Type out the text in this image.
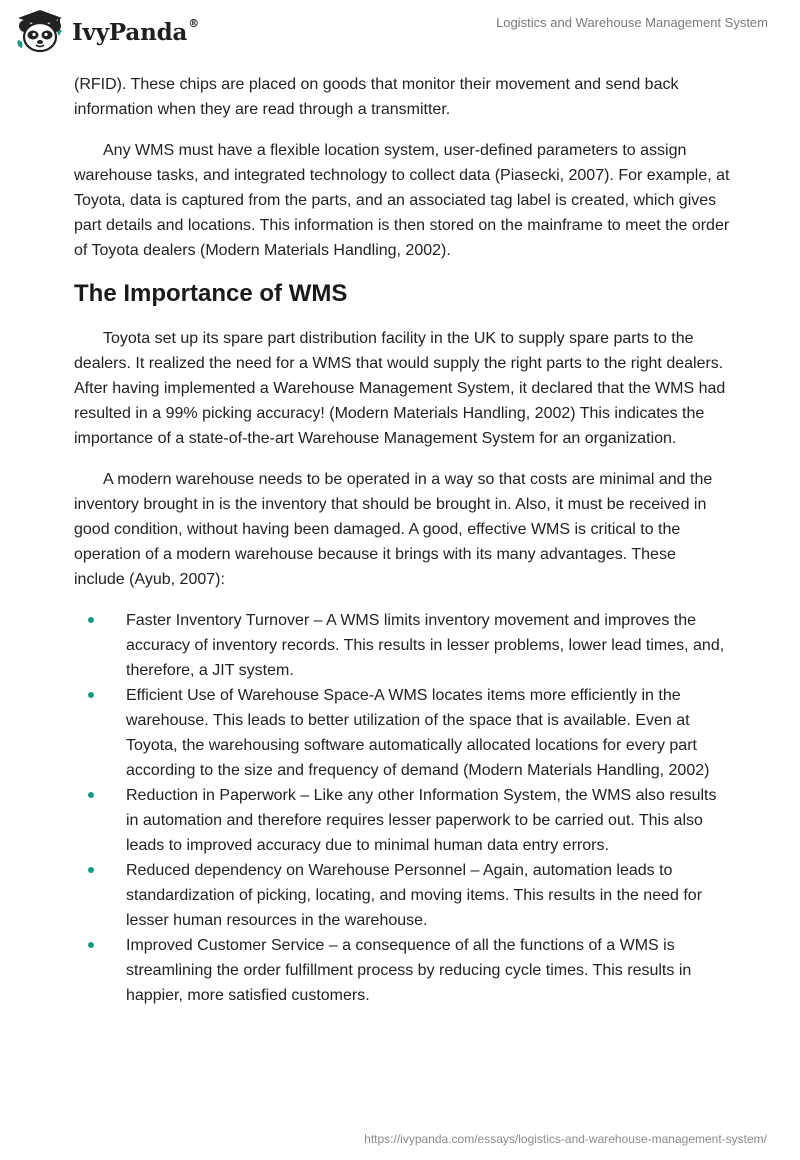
IvyPanda®	Logistics and Warehouse Management System

(RFID). These chips are placed on goods that monitor their movement and send back information when they are read through a transmitter.

Any WMS must have a flexible location system, user-defined parameters to assign warehouse tasks, and integrated technology to collect data (Piasecki, 2007). For example, at Toyota, data is captured from the parts, and an associated tag label is created, which gives part details and locations. This information is then stored on the mainframe to meet the order of Toyota dealers (Modern Materials Handling, 2002).

The Importance of WMS

Toyota set up its spare part distribution facility in the UK to supply spare parts to the dealers. It realized the need for a WMS that would supply the right parts to the right dealers. After having implemented a Warehouse Management System, it declared that the WMS had resulted in a 99% picking accuracy! (Modern Materials Handling, 2002) This indicates the importance of a state-of-the-art Warehouse Management System for an organization.

A modern warehouse needs to be operated in a way so that costs are minimal and the inventory brought in is the inventory that should be brought in. Also, it must be received in good condition, without having been damaged. A good, effective WMS is critical to the operation of a modern warehouse because it brings with its many advantages. These include (Ayub, 2007):

Faster Inventory Turnover – A WMS limits inventory movement and improves the accuracy of inventory records. This results in lesser problems, lower lead times, and, therefore, a JIT system.
Efficient Use of Warehouse Space-A WMS locates items more efficiently in the warehouse. This leads to better utilization of the space that is available. Even at Toyota, the warehousing software automatically allocated locations for every part according to the size and frequency of demand (Modern Materials Handling, 2002)
Reduction in Paperwork – Like any other Information System, the WMS also results in automation and therefore requires lesser paperwork to be carried out. This also leads to improved accuracy due to minimal human data entry errors.
Reduced dependency on Warehouse Personnel – Again, automation leads to standardization of picking, locating, and moving items. This results in the need for lesser human resources in the warehouse.
Improved Customer Service – a consequence of all the functions of a WMS is streamlining the order fulfillment process by reducing cycle times. This results in happier, more satisfied customers.
https://ivypanda.com/essays/logistics-and-warehouse-management-system/
